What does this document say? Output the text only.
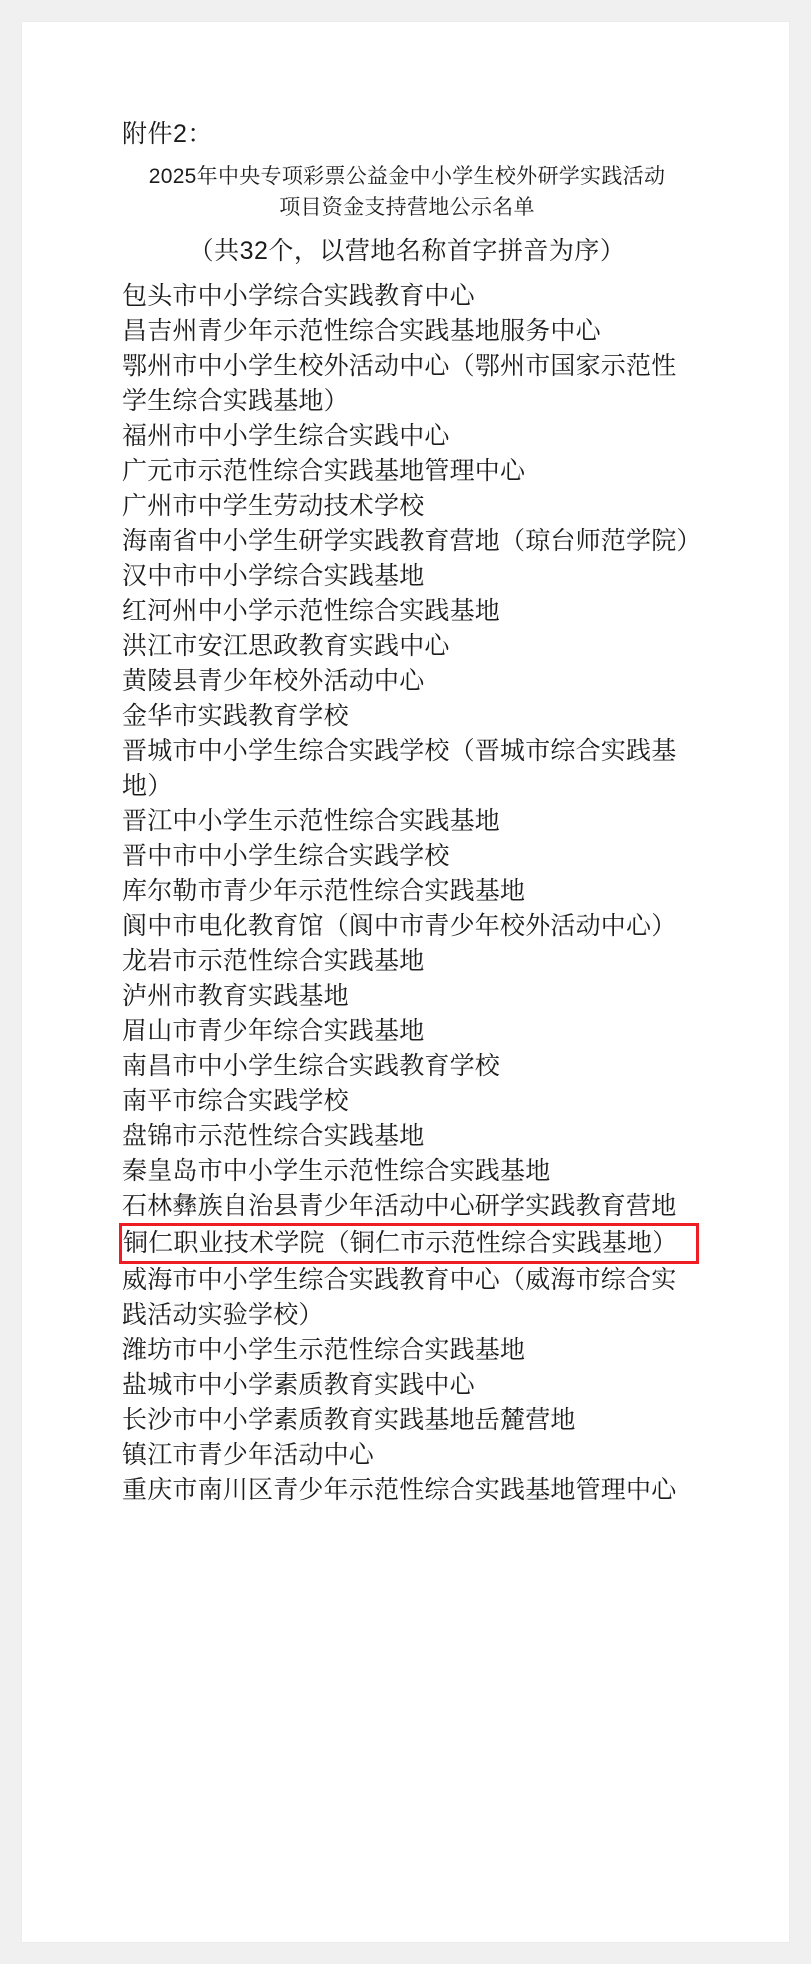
附件2：
2025年中央专项彩票公益金中小学生校外研学实践活动项目资金支持营地公示名单
（共32个，以营地名称首字拼音为序）
包头市中小学综合实践教育中心
昌吉州青少年示范性综合实践基地服务中心
鄂州市中小学生校外活动中心（鄂州市国家示范性学生综合实践基地）
福州市中小学生综合实践中心
广元市示范性综合实践基地管理中心
广州市中学生劳动技术学校
海南省中小学生研学实践教育营地（琼台师范学院）
汉中市中小学综合实践基地
红河州中小学示范性综合实践基地
洪江市安江思政教育实践中心
黄陵县青少年校外活动中心
金华市实践教育学校
晋城市中小学生综合实践学校（晋城市综合实践基地）
晋江中小学生示范性综合实践基地
晋中市中小学生综合实践学校
库尔勒市青少年示范性综合实践基地
阆中市电化教育馆（阆中市青少年校外活动中心）
龙岩市示范性综合实践基地
泸州市教育实践基地
眉山市青少年综合实践基地
南昌市中小学生综合实践教育学校
南平市综合实践学校
盘锦市示范性综合实践基地
秦皇岛市中小学生示范性综合实践基地
石林彝族自治县青少年活动中心研学实践教育营地
铜仁职业技术学院（铜仁市示范性综合实践基地）
威海市中小学生综合实践教育中心（威海市综合实践活动实验学校）
潍坊市中小学生示范性综合实践基地
盐城市中小学素质教育实践中心
长沙市中小学素质教育实践基地岳麓营地
镇江市青少年活动中心
重庆市南川区青少年示范性综合实践基地管理中心
